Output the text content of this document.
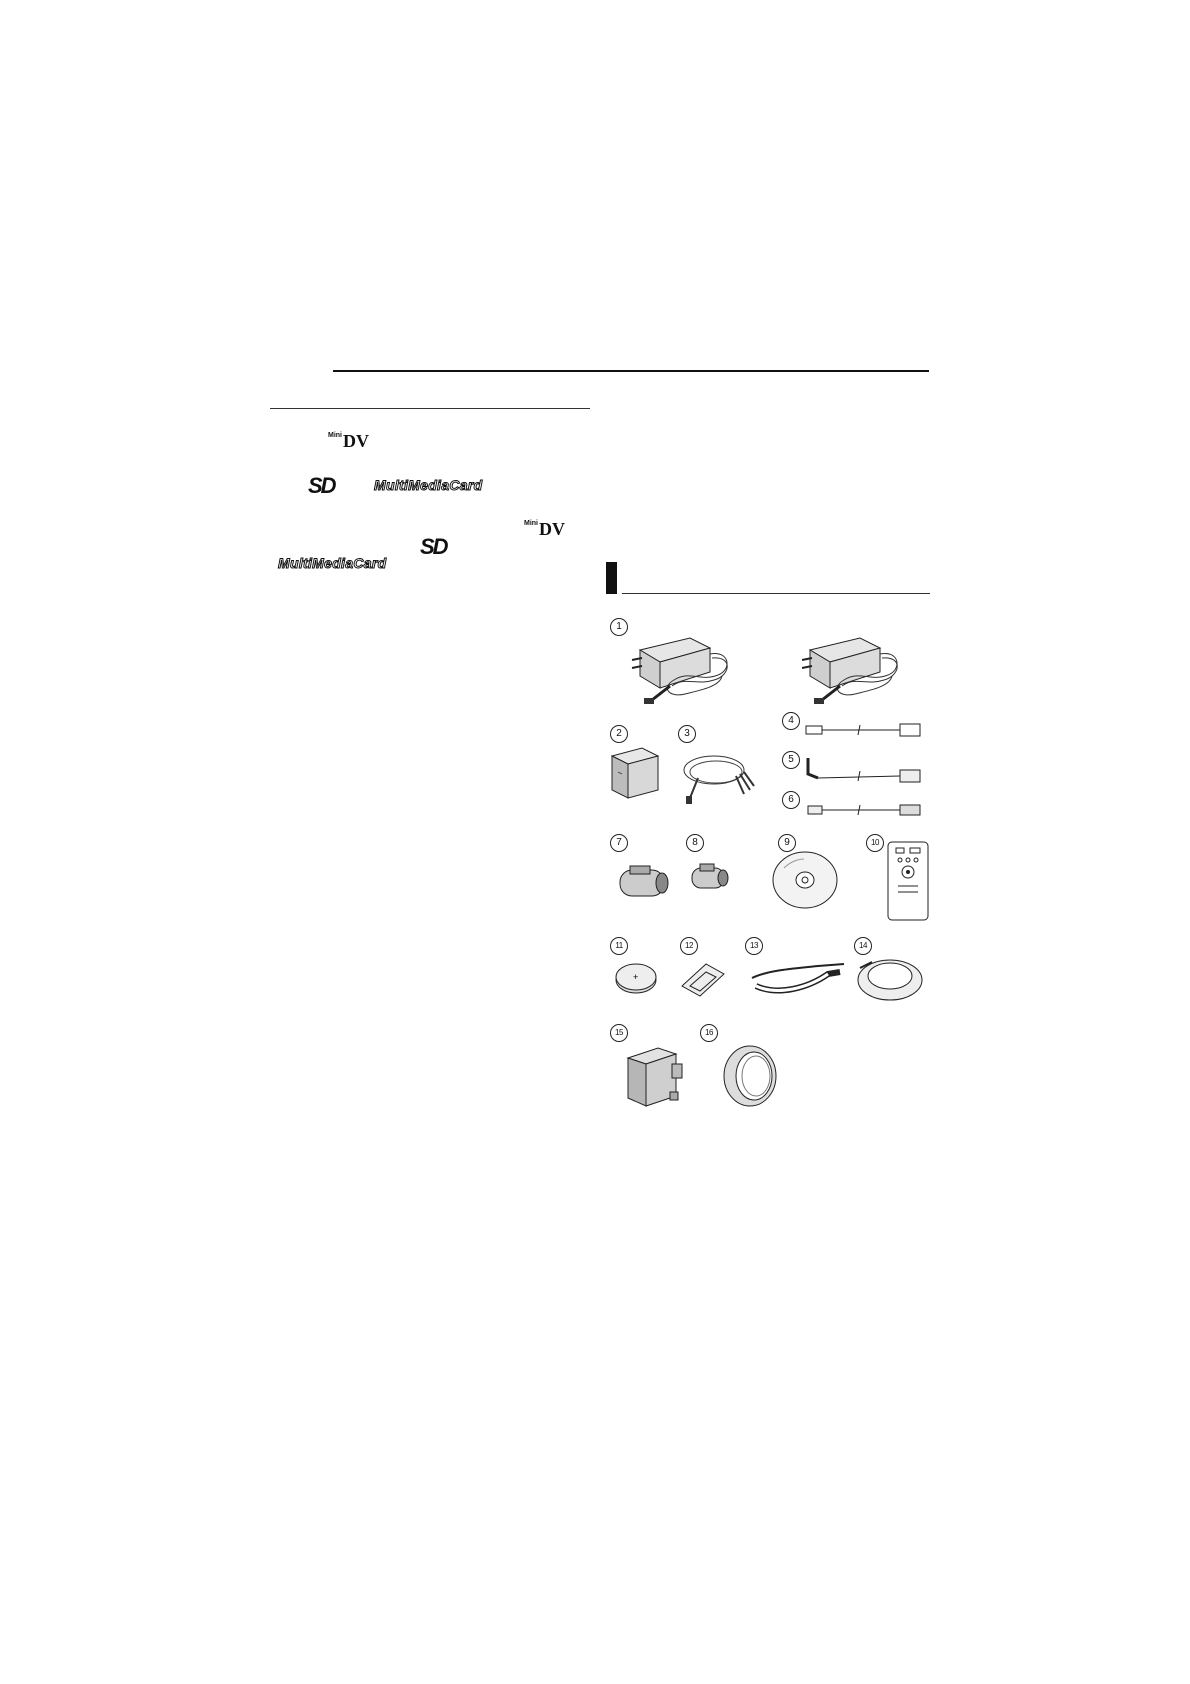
$^{Mini}$DV
SD	MultiMediaCard
$^{Mini}$DV
SD
MultiMediaCard
1
2	3
4
5
6
7	8	9	10
11	12	13	14
15	16
+
